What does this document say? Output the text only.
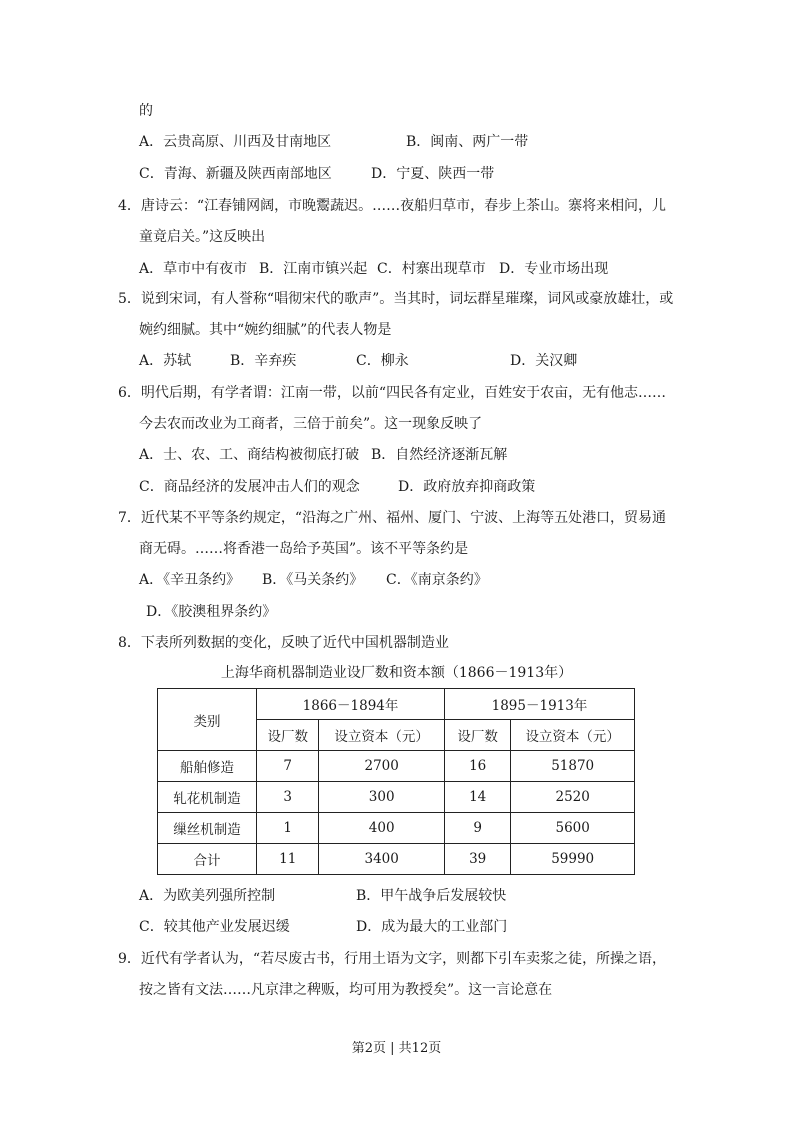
的
A．云贵高原、川西及甘南地区	B．闽南、两广一带
C．青海、新疆及陕西南部地区	D．宁夏、陕西一带
4．唐诗云：“江春铺网阔，市晚鬻蔬迟。……夜船归草市，春步上茶山。寨将来相问，儿
童竟启关。”这反映出
A．草市中有夜市 B．江南市镇兴起 C．村寨出现草市 D．专业市场出现
5．说到宋词，有人誉称“唱彻宋代的歌声”。当其时，词坛群星璀璨，词风或豪放雄壮，或
婉约细腻。其中“婉约细腻”的代表人物是
A．苏轼	B．辛弃疾	C．柳永	D．关汉卿
6．明代后期，有学者谓：江南一带，以前“四民各有定业，百姓安于农亩，无有他志……
今去农而改业为工商者，三倍于前矣”。这一现象反映了
A．士、农、工、商结构被彻底打破 B．自然经济逐渐瓦解
C．商品经济的发展冲击人们的观念	D．政府放弃抑商政策
7．近代某不平等条约规定，“沿海之广州、福州、厦门、宁波、上海等五处港口，贸易通
商无碍。……将香港一岛给予英国”。该不平等条约是
A．《辛丑条约》 B．《马关条约》 C．《南京条约》
D．《胶澳租界条约》
8．下表所列数据的变化，反映了近代中国机器制造业
上海华商机器制造业设厂数和资本额（1866－1913年）
类别	1866－1894年		1895－1913年	
	设厂数	设立资本（元）	设厂数	设立资本（元）
船舶修造	7	2700	16	51870
轧花机制造	3	300	14	2520
缫丝机制造	1	400	9	5600
合计	11	3400	39	59990
A．为欧美列强所控制	B．甲午战争后发展较快
C．较其他产业发展迟缓	D．成为最大的工业部门
9．近代有学者认为，“若尽废古书，行用土语为文字，则都下引车卖浆之徒，所操之语，
按之皆有文法……凡京津之稗贩，均可用为教授矣”。这一言论意在
第2页 | 共12页
